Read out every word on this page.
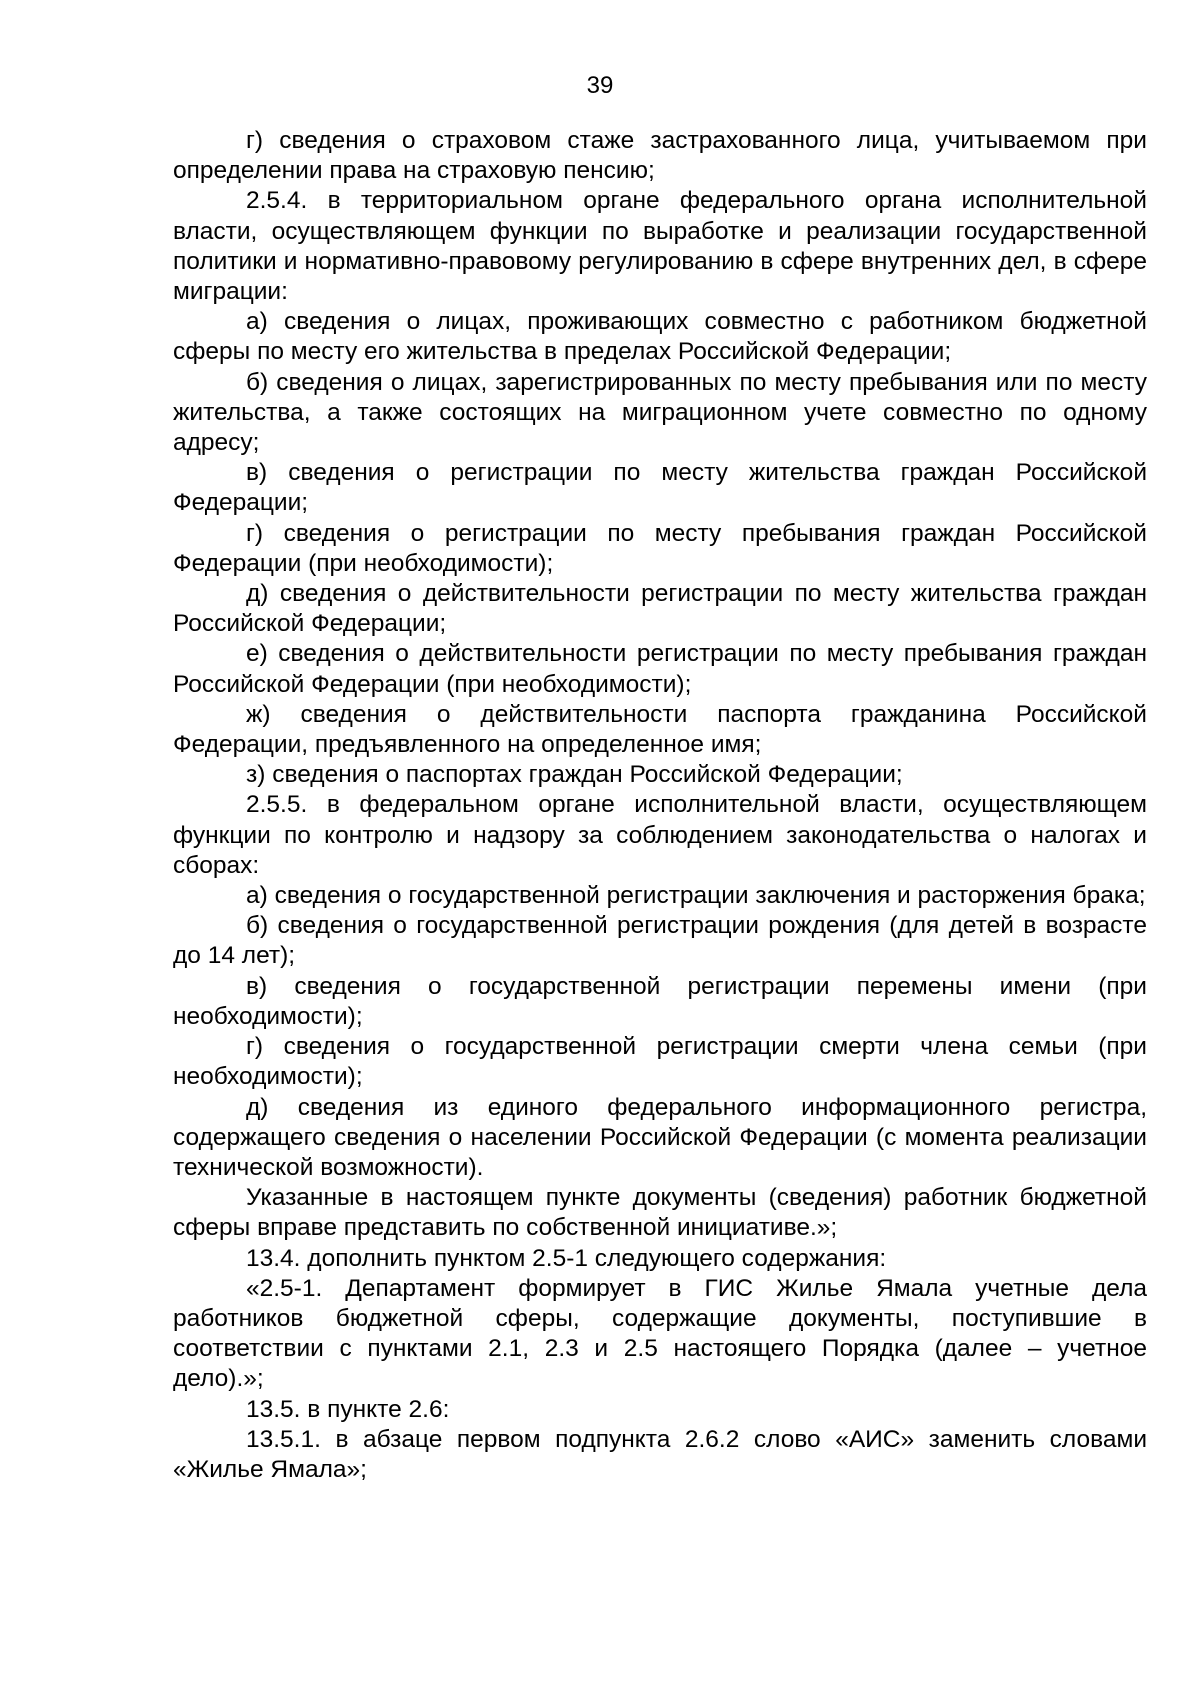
39

г) сведения о страховом стаже застрахованного лица, учитываемом при определении права на страховую пенсию;

2.5.4. в территориальном органе федерального органа исполнительной власти, осуществляющем функции по выработке и реализации государственной политики и нормативно-правовому регулированию в сфере внутренних дел, в сфере миграции:

а) сведения о лицах, проживающих совместно с работником бюджетной сферы по месту его жительства в пределах Российской Федерации;

б) сведения о лицах, зарегистрированных по месту пребывания или по месту жительства, а также состоящих на миграционном учете совместно по одному адресу;

в) сведения о регистрации по месту жительства граждан Российской Федерации;

г) сведения о регистрации по месту пребывания граждан Российской Федерации (при необходимости);

д) сведения о действительности регистрации по месту жительства граждан Российской Федерации;

е) сведения о действительности регистрации по месту пребывания граждан Российской Федерации (при необходимости);

ж) сведения о действительности паспорта гражданина Российской Федерации, предъявленного на определенное имя;

з) сведения о паспортах граждан Российской Федерации;

2.5.5. в федеральном органе исполнительной власти, осуществляющем функции по контролю и надзору за соблюдением законодательства о налогах и сборах:

а) сведения о государственной регистрации заключения и расторжения брака;

б) сведения о государственной регистрации рождения (для детей в возрасте до 14 лет);

в) сведения о государственной регистрации перемены имени (при необходимости);

г) сведения о государственной регистрации смерти члена семьи (при необходимости);

д) сведения из единого федерального информационного регистра, содержащего сведения о населении Российской Федерации (с момента реализации технической возможности).

Указанные в настоящем пункте документы (сведения) работник бюджетной сферы вправе представить по собственной инициативе.»;

13.4. дополнить пунктом 2.5-1 следующего содержания:

«2.5-1. Департамент формирует в ГИС Жилье Ямала учетные дела работников бюджетной сферы, содержащие документы, поступившие в соответствии с пунктами 2.1, 2.3 и 2.5 настоящего Порядка (далее – учетное дело).»;

13.5. в пункте 2.6:

13.5.1. в абзаце первом подпункта 2.6.2 слово «АИС» заменить словами «Жилье Ямала»;
